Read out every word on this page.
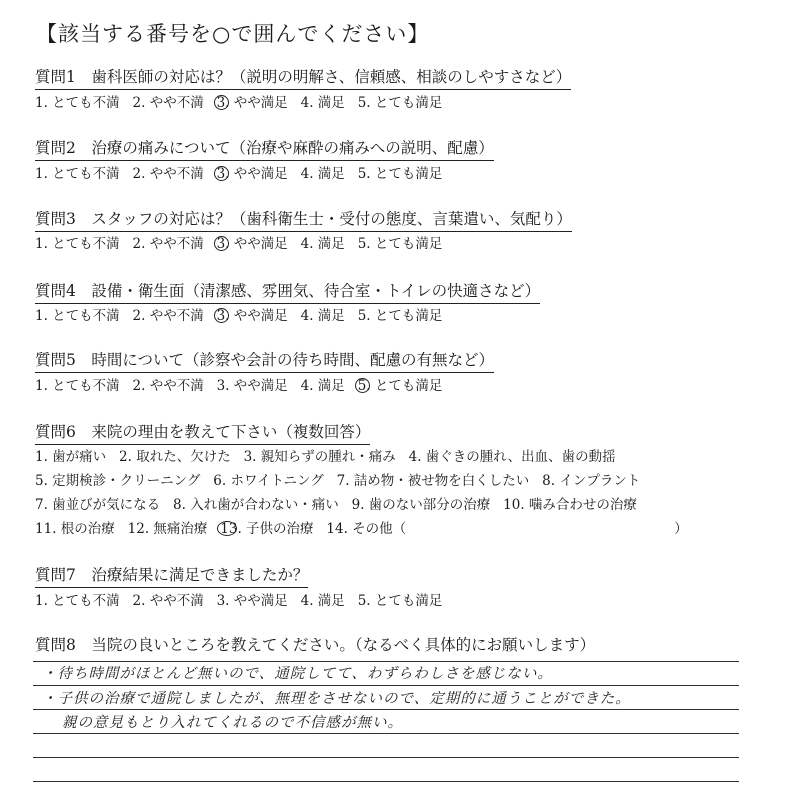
【該当する番号を○で囲んでください】
質問1　歯科医師の対応は？（説明の明解さ、信頼感、相談のしやすさなど）
1. とても不満 2. やや不満 3. やや満足 4. 満足 5. とても満足
質問2　治療の痛みについて（治療や麻酔の痛みへの説明、配慮）
1. とても不満 2. やや不満 3. やや満足 4. 満足 5. とても満足
質問3　スタッフの対応は？（歯科衛生士・受付の態度、言葉遣い、気配り）
1. とても不満 2. やや不満 3. やや満足 4. 満足 5. とても満足
質問4　設備・衛生面（清潔感、雰囲気、待合室・トイレの快適さなど）
1. とても不満 2. やや不満 3. やや満足 4. 満足 5. とても満足
質問5　時間について（診察や会計の待ち時間、配慮の有無など）
1. とても不満 2. やや不満 3. やや満足 4. 満足 5. とても満足
質問6　来院の理由を教えて下さい（複数回答）
1. 歯が痛い 2. 取れた、欠けた 3. 親知らずの腫れ・痛み 4. 歯ぐきの腫れ、出血、歯の動揺
5. 定期検診・クリーニング 6. ホワイトニング 7. 詰め物・被せ物を白くしたい 8. インプラント
7. 歯並びが気になる 8. 入れ歯が合わない・痛い 9. 歯のない部分の治療 10. 噛み合わせの治療
11. 根の治療 12. 無痛治療 13. 子供の治療 14. その他（	）
質問7　治療結果に満足できましたか？
1. とても不満 2. やや不満 3. やや満足 4. 満足 5. とても満足
質問8　当院の良いところを教えてください。（なるべく具体的にお願いします）
・待ち時間がほとんど無いので、通院してて、わずらわしさを感じない。
・子供の治療で通院しましたが、無理をさせないので、定期的に通うことができた。
親の意見もとり入れてくれるので不信感が無い。
